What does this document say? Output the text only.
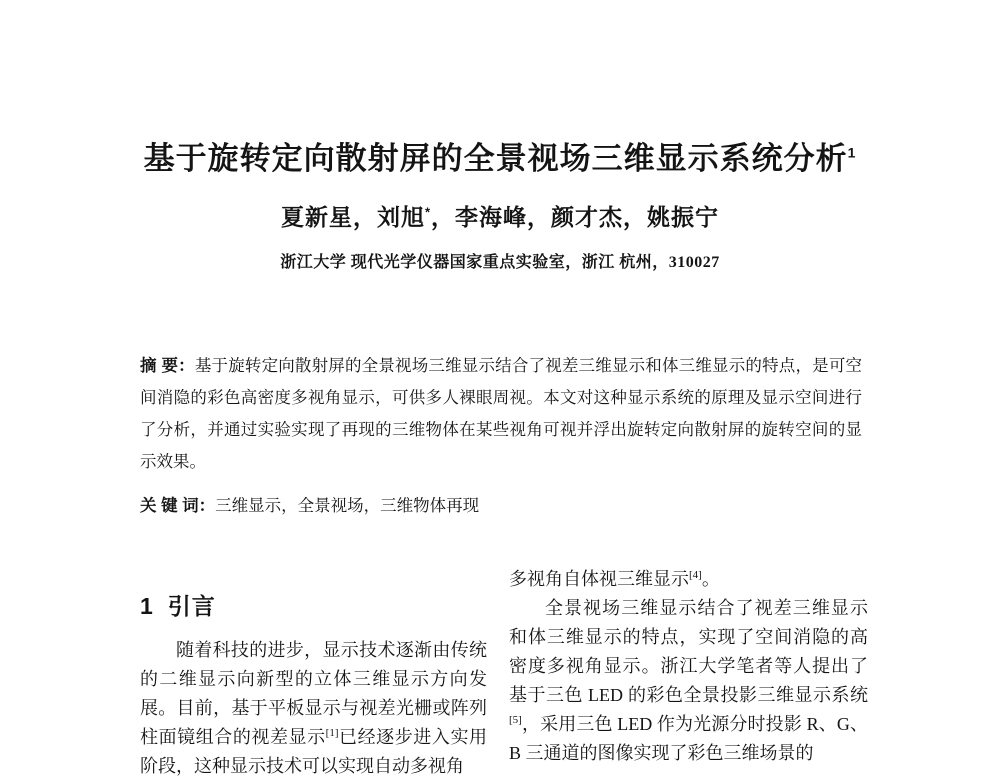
基于旋转定向散射屏的全景视场三维显示系统分析$^1$
夏新星，刘旭*，李海峰，颜才杰，姚振宁
浙江大学 现代光学仪器国家重点实验室，浙江 杭州，310027

摘 要：基于旋转定向散射屏的全景视场三维显示结合了视差三维显示和体三维显示的特点，是可空间消隐的彩色高密度多视角显示，可供多人裸眼周视。本文对这种显示系统的原理及显示空间进行了分析，并通过实验实现了再现的三维物体在某些视角可视并浮出旋转定向散射屏的旋转空间的显示效果。

关 键 词：三维显示，全景视场，三维物体再现

1 引言

随着科技的进步，显示技术逐渐由传统的二维显示向新型的立体三维显示方向发展。目前，基于平板显示与视差光栅或阵列柱面镜组合的视差显示[1]已经逐步进入实用阶段，这种显示技术可以实现自动多视角

多视角自体视三维显示[4]。

全景视场三维显示结合了视差三维显示和体三维显示的特点，实现了空间消隐的高密度多视角显示。浙江大学笔者等人提出了基于三色 LED 的彩色全景投影三维显示系统[5]，采用三色 LED 作为光源分时投影 R、G、B 三通道的图像实现了彩色三维场景的
